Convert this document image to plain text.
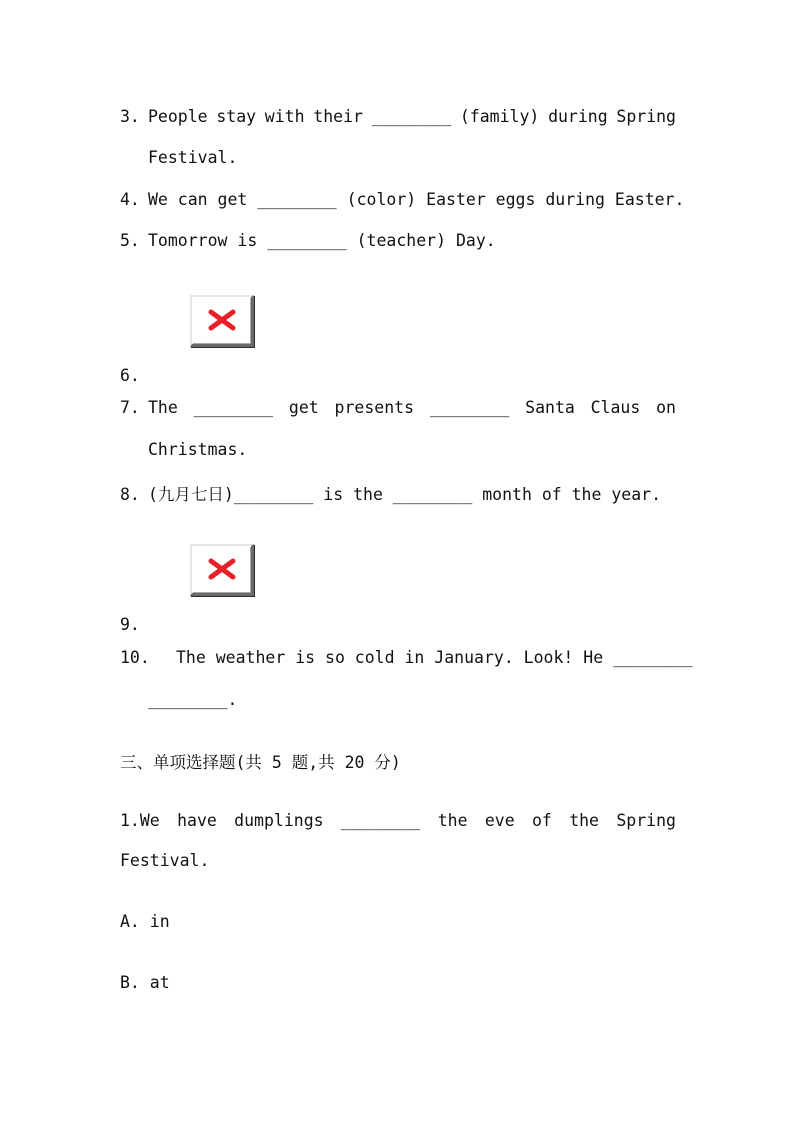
3. People stay with their ________ (family) during Spring
Festival.
4. We can get ________ (color) Easter eggs during Easter.
5. Tomorrow is ________ (teacher) Day.
6.
7. The ________ get presents ________ Santa Claus on
Christmas.
8. (九月七日)________ is the ________ month of the year.
9.
10. The weather is so cold in January. Look! He ________
________.
三、单项选择题(共 5 题,共 20 分)
1.We have dumplings ________ the eve of the Spring
Festival.
A. in
B. at
